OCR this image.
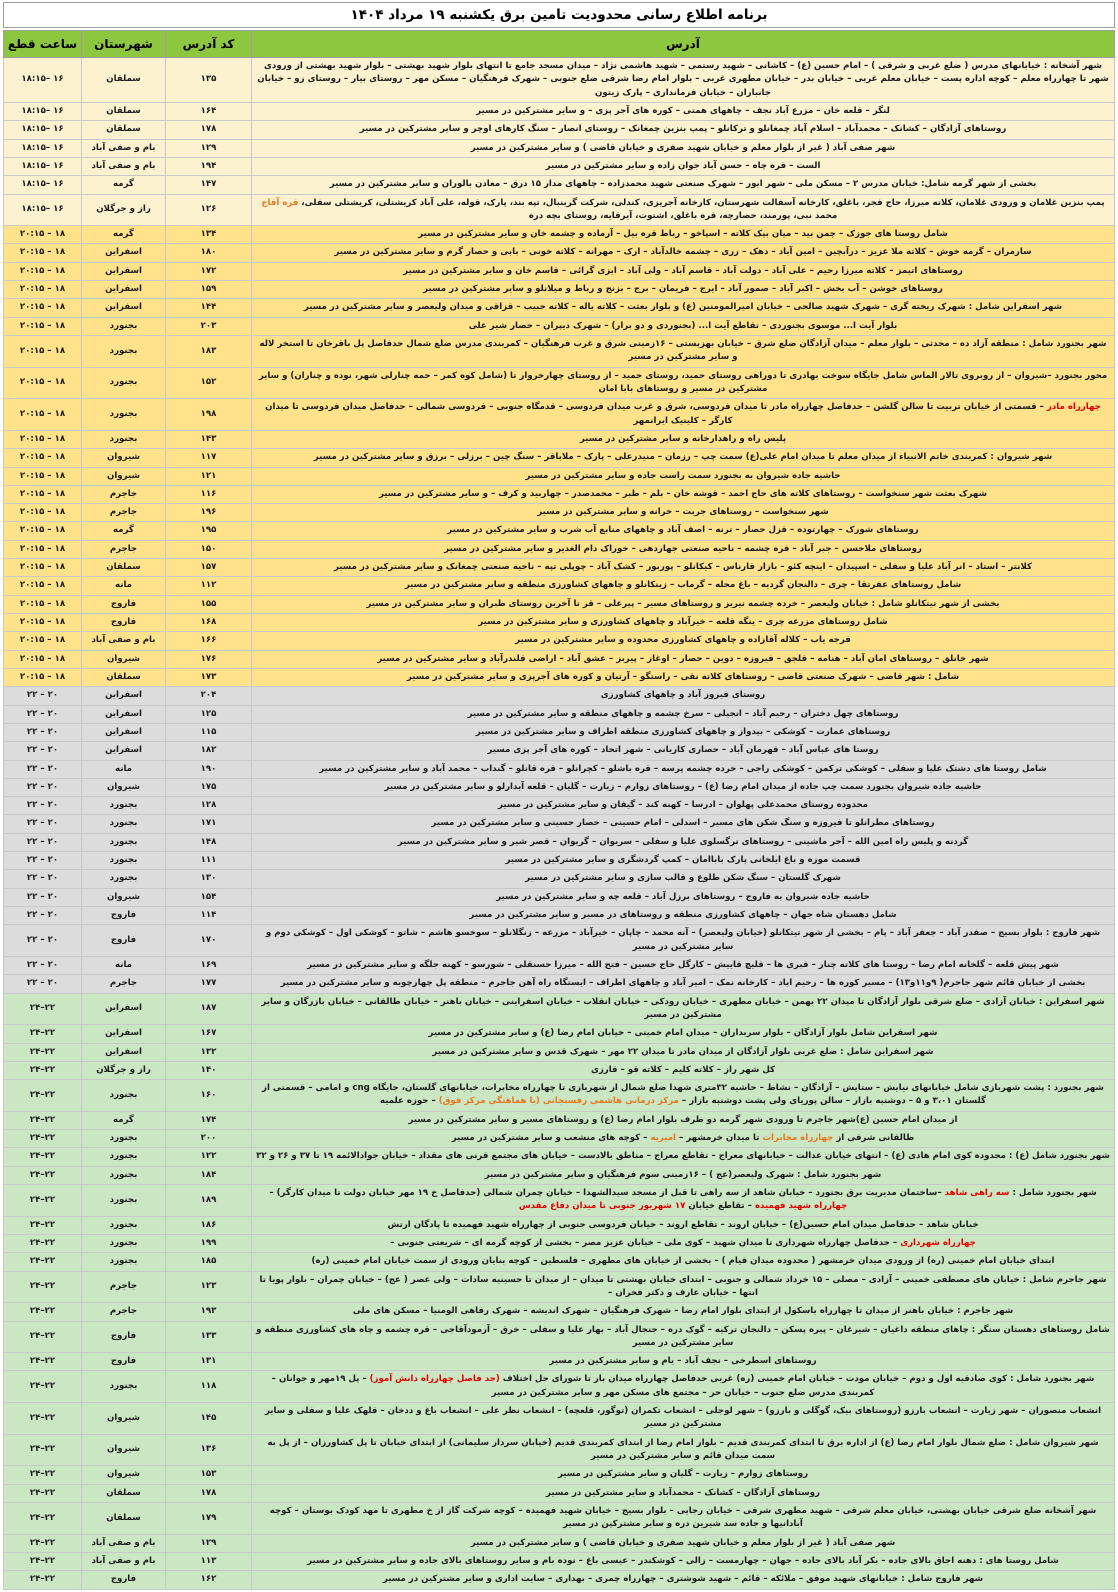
برنامه اطلاع رسانی محدودیت تامین برق یکشنبه ۱۹ مرداد ۱۴۰۴
آدرس	کد آدرس	شهرستان	ساعت قطع
شهر آشخانه : خیابانهای مدرس ( ضلع غربی و شرقی ) – امام حسین (ع) – کاشانی – شهید رستمی – شهید هاشمی نژاد – میدان مسجد جامع تا انتهای بلوار شهید بهشتی – بلوار شهید بهشتی از ورودی شهر تا چهارراه معلم – کوچه اداره پست – خیابان معلم غربی – خیابان بدر – خیابان مطهری غربی – بلوار امام رضا شرقی ضلع جنوبی – شهرک فرهنگیان – مسکن مهر – روستای بیار – روستای زو – خیابان جانباران – خیابان فرمانداری – پارک زیتون	۱۳۵	سملقان	۱۶ –۱۸:۱۵
لنگر – قلعه خان – مزرع آباد نجف – چاههای همتی – کوره های آجر پزی – و سایر مشترکین در مسیر	۱۶۴	سملقان	۱۶ –۱۸:۱۵
روستاهای آزادگان – کشانک – محمدآباد – اسلام آباد چمغانلو و ترکانلو – پمپ بنزین چمغانک – روستای انصار – سنگ کارهای اوچر و سایر مشترکین در مسیر	۱۷۸	سملقان	۱۶ –۱۸:۱۵
شهر صفی آباد ( غیر از بلوار معلم و خیابان شهید صفری و خیابان قاضی ) و سایر مشترکین در مسیر	۱۲۹	بام و صفی آباد	۱۶ –۱۸:۱۵
الست – قره چاه – حسن آباد جوان زاده و سایر مشترکین در مسیر	۱۹۴	بام و صفی آباد	۱۶ –۱۸:۱۵
بخشی از شهر گرمه شامل: خیابان مدرس ۲ – مسکن ملی – شهر ایور – شهرک صنعتی شهید محمدزاده – چاههای مدار ۱۵ درق – معادن بالوران و سایر مشترکین در مسیر	۱۴۷	گرمه	۱۶ –۱۸:۱۵
پمپ بنزین غلامان و ورودی غلامان، کلاته میرزا، حاج فجر، باغلق، کارخانه آسفالت شهرستان، کارخانه آجریزی، کندلی، شرکت گرینبال، تپه بند، پارک، قوله، علی آباد کریشتلی، کریشتلی سفلی، قره آقاج محمد نبی، پورمند، حصارچه، قره باغلق، اشتوت، آیرقایه، روستای بچه دره	۱۲۶	راز و جرگلان	۱۶ –۱۸:۱۵
شامل روستا های جوزک – چمن بید – میان بیک کلاته – اسپاخو – رباط قره بیل – آرماده و چشمه خان و سایر مشترکین در مسیر	۱۳۴	گرمه	۱۸ – ۲۰:۱۵
سارمران – گرمه خوش – کلاته ملا عزیز – درآبچین – امین آباد – دهک – زری – چشمه خالدآباد – ارک – مهرانه – کلاته خونی – بابی و حصار گرم و سایر مشترکین در مسیر	۱۸۰	اسفراین	۱۸ – ۲۰:۱۵
روستاهای اتیمز – کلاته میرزا رحیم – علی آباد – دولت آباد – قاسم آباد – ولی آباد – ایزی گرائی – قاسم خان و سایر مشترکین در مسیر	۱۷۲	اسفراین	۱۸ – ۲۰:۱۵
روستاهای خوشن – آب بخش – اکبر آباد – صمور آباد – ایرج – فریمان – برج – بزنج و رباط و میلانلو و سایر مشترکین در مسیر	۱۵۹	اسفراین	۱۸ – ۲۰:۱۵
شهر اسفراین شامل : شهرک ریخته گری – شهرک شهید صالحی – خیابان امیرالمومنین (ع) و بلوار بعثت – کلاته یاله – کلاته حبیب – قزاقی و میدان ولیعصر و سایر مشترکین در مسیر	۱۴۴	اسفراین	۱۸ – ۲۰:۱۵
بلوار آیت ا... موسوی بجنوردی – تقاطع آیت ا... (بجنوردی و دو برار) – شهرک دیپران – حصار شیر علی	۲۰۳	بجنورد	۱۸ – ۲۰:۱۵
شهر بجنورد شامل : منطقه آزاد ده – محدثی – بلوار معلم – میدان آزادگان ضلع شرق – خیابان بهزیستی – ۱۶زمینی شرق و غرب فرهنگیان – کمربندی مدرس ضلع شمال حدفاصل پل باقرخان تا استخر لاله و سایر مشترکین در مسیر	۱۸۳	بجنورد	۱۸ – ۲۰:۱۵
محور بجنورد –شیروان – از روبروی تالار الماس شامل جایگاه سوخت بهادری تا دوراهی روستای حمید، روستای حمید – از روستای چهارخروار تا (شامل کوه کمر – حمه چنارلی شهر، نوده و چناران) و سایر مشترکین در مسیر و روستاهای بابا امان	۱۵۲	بجنورد	۱۸ – ۲۰:۱۵
چهارراه مادر – قسمتی از خیابان تربیت تا سالن گلشن – حدفاصل چهارراه مادر تا میدان فردوسی، شرق و غرب میدان فردوسی – قدمگاه جنوبی – فردوسی شمالی – حدفاصل میدان فردوسی تا میدان کارگر – کلینیک ایرانمهر	۱۹۸	بجنورد	۱۸ – ۲۰:۱۵
پلیس راه و راهدارخانه و سایر مشترکین در مسیر	۱۴۳	بجنورد	۱۸ – ۲۰:۱۵
شهر شیروان : کمربندی خاتم الانبیاء از میدان معلم تا میدان امام علی(ع) سمت چپ – رزمان – منیدرعلی – پارک – ملاباقر – سنگ چین – برزلی – برزق و سایر مشترکین در مسیر	۱۱۷	شیروان	۱۸ – ۲۰:۱۵
حاشیه جاده شیروان به بجنورد سمت راست جاده و سایر مشترکین در مسیر	۱۲۱	شیروان	۱۸ – ۲۰:۱۵
شهرک بعثت شهر سنخواست – روستاهای کلاته های حاج احمد – قوشه خان – بلم – طبر – محمدصدر – چهاربید و کرف – و سایر مشترکین در مسیر	۱۱۶	جاجرم	۱۸ – ۲۰:۱۵
شهر سنخواست – روستاهای جربت – خرانه و سایر مشترکین در مسیر	۱۹۶	جاجرم	۱۸ – ۲۰:۱۵
روستاهای شورک – چهارتوده – قزل حصار – ترنه – اصف آباد و چاههای منابع آب شرب و سایر مشترکین در مسیر	۱۹۵	گرمه	۱۸ – ۲۰:۱۵
روستاهای ملاحسن – جبر آباد – قره چشمه – ناحیه صنعتی جهاردهی – خوراک دام الغدیر و سایر مشترکین در مسیر	۱۵۰	جاجرم	۱۸ – ۲۰:۱۵
کلانتر – استاد – انر آباد علیا و سفلی – اسپیدان – اینچه کئو – بازار قارناس – کیکانلو – پوربور – کشک آباد – چوپلی تپه – ناحیه صنعتی چمغانک و سایر مشترکین در مسیر	۱۵۷	سملقان	۱۸ – ۲۰:۱۵
شامل روستاهای عفرتقا – چری – دالنجان گردیه – باغ محله – گرماب – زینکانلو و چاههای کشاورزی منطقه و سایر مشترکین در مسیر	۱۱۲	مانه	۱۸ – ۲۰:۱۵
بخشی از شهر تیتکانلو شامل : خیابان ولیعصر – خرده چشمه نیریز و روستاهای مسیر – پیرعلی – قر تا آخرین روستای طبران و سایر مشترکین در مسیر	۱۵۵	فاروج	۱۸ – ۲۰:۱۵
شامل روستاهای مزرعه چری – ینگه قلعه – خیرآباد و چاههای کشاورزی و سایر مشترکین در مسیر	۱۶۸	فاروج	۱۸ – ۲۰:۱۵
فرجه یاب – کلاله آقازاده و چاههای کشاورزی محدوده و سایر مشترکین در مسیر	۱۶۶	بام و صفی آباد	۱۸ – ۲۰:۱۵
شهر خانلق – روستاهای امان آباد – هنامه – قلجق – فیروزه – دوین – حصار – اوغاز – پیربز – عشق آباد – اراضی قلندرآباد و سایر مشترکین در مسیر	۱۷۶	شیروان	۱۸ – ۲۰:۱۵
شامل : شهر قاضی – شهرک صنعتی قاضی – روستاهای کلاته نقی – راستگو – آرتیان و کوره های آجرپزی و سایر مشترکین در مسیر	۱۷۳	سملقان	۱۸ – ۲۰:۱۵
روستای فیروز آباد و چاههای کشاورزی	۲۰۴	اسفراین	۲۰ – ۲۲
روستاهای چهل دختران – رحیم آباد – انجیلی – سرخ چشمه و چاههای منطقه و سایر مشترکین در مسیر	۱۲۵	اسفراین	۲۰ – ۲۲
روستاهای عمارت – کوشکی – بیدواز و چاههای کشاورزی منطقه اطراف و سایر مشترکین در مسیر	۱۱۵	اسفراین	۲۰ – ۲۲
روستا های عباس آباد – قهرمان آباد – حصاری کاریانی – شهر اتحاد – کوره های آجر پزی مسیر	۱۸۲	اسفراین	۲۰ – ۲۲
شامل روستا های دشتک علیا و سفلی – کوشکی ترکمن – کوشکی راجی – خرده چشمه پرسه – قره باشلو – کچرانلو – قره قانلو – گنداب – محمد آباد و سایر مشترکین در مسیر	۱۹۰	مانه	۲۰ – ۲۲
حاشیه جاده شیروان بجنورد سمت چپ جاده از میدان امام رضا (ع) – روستاهای زوارم – زیارت – گلیان – قلعه آبدارلو و سایر مشترکین در مسیر	۱۷۵	شیروان	۲۰ – ۲۲
محدوده روستای محمدعلی پهلوان – ادرسا – کهنه کند – گیفان و سایر مشترکین در مسیر	۱۲۸	بجنورد	۲۰ – ۲۲
روستاهای مطرانلو تا فیروزه و سنگ شکن های مسیر – اسدلی – امام حسینی – حصار حسینی و سایر مشترکین در مسیر	۱۷۱	بجنورد	۲۰ – ۲۲
گردنه و پلیس راه امین الله – آجر ماشینی – روستاهای نرگسلوی علیا و سفلی – سریوان – گریوان – قصر شیر و سایر مشترکین در مسیر	۱۴۸	بجنورد	۲۰ – ۲۲
قسمت موزه و باغ ایلخانی پارک باباامان – کمپ گردشگری و سایر مشترکین در مسیر	۱۱۱	بجنورد	۲۰ – ۲۲
شهرک گلستان – سنگ شکن طلوع و قالب سازی و سایر مشترکین در مسیر	۱۳۰	بجنورد	۲۰ – ۲۲
حاشیه جاده شیروان به فاروج – روستاهای برزل آباد – قلعه چه و سایر مشترکین در مسیر	۱۵۴	شیروان	۲۰ – ۲۲
شامل دهستان شاه جهان – چاههای کشاورزی منطقه و روستاهای در مسیر و سایر مشترکین در مسیر	۱۱۴	فاروج	۲۰ – ۲۲
شهر فاروج : بلوار بسیج – صفدر آباد – جعفر آباد – پام – بخشی از شهر تیتکانلو (خیابان ولیعصر) – آنه محمد – چاپان – خیرآباد – مزرعه – زنگلانلو – سوخسو هاشم – شاتو – کوشکی اول – کوشکی دوم و سایر مشترکین در مسیر	۱۷۰	فاروج	۲۰ – ۲۲
شهر پیش قلعه – گلخانه امام رضا – روستا های کلاته چنار – قبری ها – قلیچ قاییش – کارگل حاج حسین – فتح الله – میرزا حسنقلی – شورسو – کهنه جلگه و سایر مشترکین در مسیر	۱۶۹	مانه	۲۰ – ۲۲
بخشی از خیابان قائم شهر جاجرم( ۹و۱۱و۱۳) – مسیر کوره ها – رحیم اباد – کارخانه نمک – امیر آباد و چاههای اطراف – ایستگاه راه آهن جاجرم – منطقه پل چهارچوبه و سایر مشترکین در مسیر	۱۷۷	جاجرم	۲۰ – ۲۲
شهر اسفراین : خیابان آزادی – ضلع شرقی بلوار آزادگان تا میدان ۲۲ بهمن – خیابان مطهری – خیابان رودکی – خیابان انقلاب – خیابان اسفراینی – خیابان باهنر – خیابان طالقانی – خیابان بازرگان و سایر مشترکین در مسیر	۱۸۷	اسفراین	۲۲–۲۴
شهر اسفراین شامل بلوار آزادگان – بلوار سربداران – میدان امام خمینی – خیابان امام رضا (ع) و سایر مشترکین در مسیر	۱۶۷	اسفراین	۲۲–۲۴
شهر اسفراین شامل : ضلع غربی بلوار آزادگان از میدان مادر تا میدان ۲۲ مهر – شهرک قدس و سایر مشترکین در مسیر	۱۳۲	اسفراین	۲۲–۲۴
کل شهر راز – کلاته کلیم – کلاته قو – قارزی	۱۴۰	راز و جرگلان	۲۲–۲۴
شهر بجنورد : پشت شهربازی شامل خیابانهای نیایش – ستایش – آزادگان – نشاط – حاشیه ۳۲متری شهدا ضلع شمال از شهربازی تا چهارراه مخابرات، خیابانهای گلستان، جایگاه cng و امامی – قسمتی از گلستان ۳،۰۱ و ۵ – دوشنبه بازار – سالن پوریای ولی پشت دوشنبه بازار – مرکز درمانی هاشمی رفسنجانی (با هماهنگی مرکز فوق) – حوزه علمیه	۱۶۰	بجنورد	۲۲–۲۴
از میدان امام حسین (ع)شهر جاجرم تا ورودی شهر گرمه دو طرف بلوار امام رضا (ع) و روستاهای مسیر و سایر مشترکین در مسیر	۱۷۴	گرمه	۲۲–۲۴
طالقانی شرقی از چهارراه مخابرات تا میدان خرمشهر – امیریه – کوچه های منشعب و سایر مشترکین در مسیر	۲۰۰	بجنورد	۲۲–۲۴
شهر بجنورد شامل (ع) : محدوده کوی امام هادی (ع) – انتهای خیابان عدالت – خیابانهای معراج – تقاطع معراج – مناطق بالادست – خیابان های مجتمع قرنی های مقداد – خیابان جوادالائمه ۱۹ تا ۳۷ و ۲۶ و ۳۲	۱۲۲	بجنورد	۲۲–۲۴
شهر بجنورد شامل : شهرک ولیعصر(عج ) – ۱۶زمینی سوم فرهنگیان و سایر مشترکین در مسیر	۱۸۴	بجنورد	۲۲–۲۴
شهر بجنورد شامل : سه راهی شاهد –ساختمان مدیریت برق بجنورد – خیابان شاهد از سه راهی تا قبل از مسجد سیدالشهدا – خیابان چمران شمالی (حدفاصل خ ۱۹ مهر خیابان دولت تا میدان کارگر) – چهارراه شهید فهمیده – تقاطع خیابان ۱۷ شهریور جنوبی تا میدان دفاع مقدس	۱۸۹	بجنورد	۲۲–۲۴
خیابان شاهد – حدفاصل میدان امام حسین(ع) – خیابان اروند – تقاطع اروند – خیابان فردوسی جنوبی از چهارراه شهید فهمیده تا پادگان ارتش	۱۸۶	بجنورد	۲۲–۲۴
چهارراه شهرداری – حدفاصل چهارراه شهرداری تا میدان شهید – کوی ملی – خیابان عزیز مصر – بخشی از کوچه گرمه ای – شریعتی جنوبی –	۱۹۹	بجنورد	۲۲–۲۴
ابتدای خیابان امام خمینی (ره) از ورودی میدان خرمشهر ( محدوده میدان قیام ) – بخشی از خیابان های مطهری – فلسطین – کوچه بنایان ورودی از سمت خیابان امام خمینی (ره)	۱۸۵	بجنورد	۲۲–۲۴
شهر جاجرم شامل : خیابان های مصطفی خمینی – آزادی – مصلی – ۱۵ خرداد شمالی و جنوبی – ابتدای خیابان بهشتی تا میدان – از میدان تا حسینیه سادات – ولی عصر ( عج) – خیابان چمران – بلوار پویا تا انتها – خیابان عارف و دکتر فخران –	۱۲۳	جاجرم	۲۲–۲۴
شهر جاجرم : خیابان باهنر از میدان تا چهارراه باسکول از ابتدای بلوار امام رضا – شهرک فرهنگیان – شهرک اندیشه – شهرک رفاهی الومنیا – مسکن های ملی	۱۹۳	جاجرم	۲۲–۲۴
شامل روستاهای دهستان سنگر : چاهای منطقه داغیان – شیرغان – پیره پسکن – دالنجان ترکیه – گوک دره – جنجال آباد – بهار علیا و سفلی – خرق – آرمودآقاجی – قره چشمه و چاه های کشاورزی منطقه و سایر مشترکین در مسیر	۱۳۳	فاروج	۲۲–۲۴
روستاهای اسطرخی – نجف آباد – یام و سایر مشترکین در مسیر	۱۳۱	فاروج	۲۲–۲۴
شهر بجنورد شامل : کوی صادقیه اول و دوم – خیابان مودت – خیابان امام خمینی (ره) غربی حدفاصل چهارراه میدان بار تا شورای حل اختلاف (حد فاصل چهارراه دانش آموز) – پل ۱۹مهر و جوانان – کمربندی مدرس ضلع جنوب – خیابان حر – مجتمع های مسکن مهر و سایر مشترکین در مسیر	۱۱۸	بجنورد	۲۲–۲۴
انشعاب منصوران – شهر زیارت – انشعاب بارزو (روستاهای بیک، گوگلی و بارزو) – شهر لوجلی – انشعاب تکمران (توگور، قلعچه) – انشعاب نظر علی – انشعاب باغ و ددخان – قلهک علیا و سفلی و سایر مشترکین در مسیر	۱۴۵	شیروان	۲۲–۲۴
شهر شیروان شامل : ضلع شمال بلوار امام رضا (ع) از اداره برق تا ابتدای کمربندی قدیم – بلوار امام رضا از ابتدای کمربندی قدیم (خیابان سردار سلیمانی) از ابتدای خیابان تا پل کشاورزان – از پل به سمت میدان قائم و سایر مشترکین در مسیر	۱۳۶	شیروان	۲۲–۲۴
روستاهای زوارم – زیارت – گلیان و سایر مشترکین در مسیر	۱۵۳	شیروان	۲۲–۲۴
روستاهای آزادگان – کشانک – محمدآباد و سایر مشترکین در مسیر	۱۷۸	سملقان	۲۲–۲۴
شهر آشخانه ضلع شرقی خیابان بهشتی، خیابان معلم شرقی – شهید مطهری شرقی – خیابان رجایی – بلوار بسیج – خیابان شهید فهمیده – کوچه شرکت گاز از خ مطهری تا مهد کودک بوستان – کوچه آبادانیها و جاده سد شیرین دره و سایر مشترکین در مسیر	۱۷۹	سملقان	۲۲–۲۴
شهر صفی آباد ( غیر از بلوار معلم و خیابان شهید صفری و خیابان قاضی ) و سایر مشترکین در مسیر	۱۲۹	بام و صفی آباد	۲۲–۲۴
شامل روستا های : دهنه اجاق بالای جاده – بکر آباد بالای جاده – جهان – چهارمست – زالی – کوشکندر – عیسی باغ – نوده بام و سایر روستاهای بالای جاده و سایر مشترکین در مسیر	۱۱۳	بام و صفی آباد	۲۲–۲۴
شهر فاروج شامل : خیابانهای شهید موفق – ملائکه – قائم – شهید شوشتری – چهارراه چمری – بهداری – سایت اداری و سایر مشترکین در مسیر	۱۶۲	فاروج	۲۲–۲۴
